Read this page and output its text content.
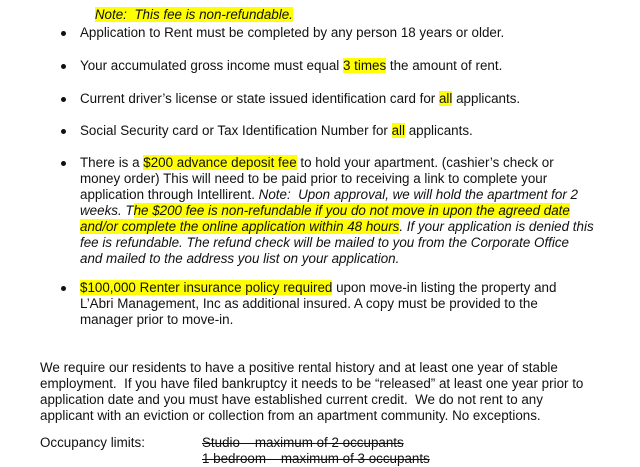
Note:  This fee is non-refundable.

Application to Rent must be completed by any person 18 years or older.
Your accumulated gross income must equal 3 times the amount of rent.
Current driver’s license or state issued identification card for all applicants.
Social Security card or Tax Identification Number for all applicants.
There is a $200 advance deposit fee to hold your apartment. (cashier’s check or
money order) This will need to be paid prior to receiving a link to complete your
application through Intellirent. Note:  Upon approval, we will hold the apartment for 2
weeks. The $200 fee is non-refundable if you do not move in upon the agreed date
and/or complete the online application within 48 hours. If your application is denied this
fee is refundable. The refund check will be mailed to you from the Corporate Office
and mailed to the address you list on your application.
$100,000 Renter insurance policy required upon move-in listing the property and
L’Abri Management, Inc as additional insured. A copy must be provided to the
manager prior to move-in.
We require our residents to have a positive rental history and at least one year of stable
employment.  If you have filed bankruptcy it needs to be “released” at least one year prior to
application date and you must have established current credit.  We do not rent to any
applicant with an eviction or collection from an apartment community. No exceptions.
Occupancy limits:	Studio – maximum of 2 occupants
1 bedroom – maximum of 3 occupants
